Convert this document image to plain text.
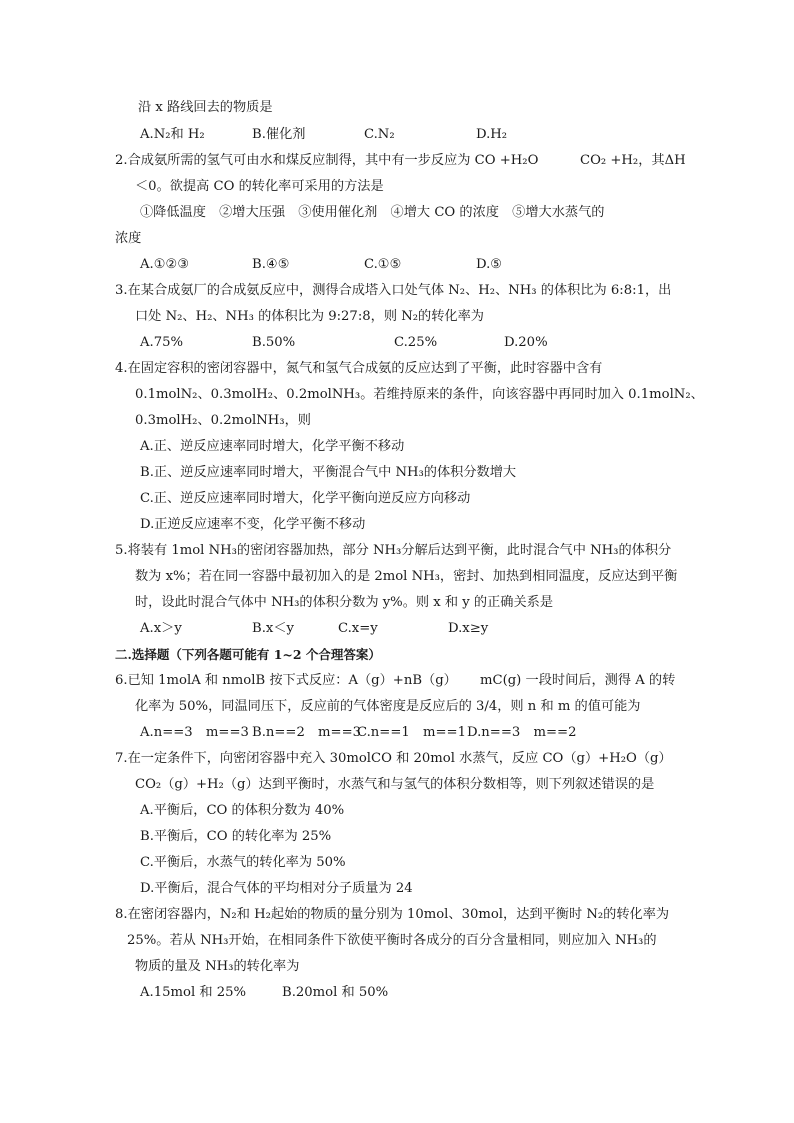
沿 x 路线回去的物质是
A.N₂和 H₂	B.催化剂	C.N₂	D.H₂
2.合成氨所需的氢气可由水和煤反应制得，其中有一步反应为 CO +H₂O	CO₂ +H₂，其ΔH
＜0。欲提高 CO 的转化率可采用的方法是
①降低温度　②增大压强　③使用催化剂　④增大 CO 的浓度　⑤增大水蒸气的
浓度
A.①②③	B.④⑤	C.①⑤	D.⑤
3.在某合成氨厂的合成氨反应中，测得合成塔入口处气体 N₂、H₂、NH₃ 的体积比为 6:8:1，出
口处 N₂、H₂、NH₃ 的体积比为 9:27:8，则 N₂的转化率为
A.75%	B.50%	C.25%	D.20%
4.在固定容积的密闭容器中，氮气和氢气合成氨的反应达到了平衡，此时容器中含有
0.1molN₂、0.3molH₂、0.2molNH₃。若维持原来的条件，向该容器中再同时加入 0.1molN₂、
0.3molH₂、0.2molNH₃，则
A.正、逆反应速率同时增大，化学平衡不移动
B.正、逆反应速率同时增大，平衡混合气中 NH₃的体积分数增大
C.正、逆反应速率同时增大，化学平衡向逆反应方向移动
D.正逆反应速率不变，化学平衡不移动
5.将装有 1mol NH₃的密闭容器加热，部分 NH₃分解后达到平衡，此时混合气中 NH₃的体积分
数为 x%；若在同一容器中最初加入的是 2mol NH₃，密封、加热到相同温度，反应达到平衡
时，设此时混合气体中 NH₃的体积分数为 y%。则 x 和 y 的正确关系是
A.x＞y	B.x＜y	C.x=y	D.x≥y
二.选择题（下列各题可能有 1~2 个合理答案）
6.已知 1molA 和 nmolB 按下式反应：A（g）+nB（g） mC(g) 一段时间后，测得 A 的转
化率为 50%，同温同压下，反应前的气体密度是反应后的 3/4，则 n 和 m 的值可能为
A.n==3　m==3 B.n==2　m==3
C.n==1　m==1 D.n==3　m==2
7.在一定条件下，向密闭容器中充入 30molCO 和 20mol 水蒸气，反应 CO（g）+H₂O（g）
CO₂（g）+H₂（g）达到平衡时，水蒸气和与氢气的体积分数相等，则下列叙述错误的是
A.平衡后，CO 的体积分数为 40%
B.平衡后，CO 的转化率为 25%
C.平衡后，水蒸气的转化率为 50%
D.平衡后，混合气体的平均相对分子质量为 24
8.在密闭容器内，N₂和 H₂起始的物质的量分别为 10mol、30mol，达到平衡时 N₂的转化率为
25%。若从 NH₃开始，在相同条件下欲使平衡时各成分的百分含量相同，则应加入 NH₃的
物质的量及 NH₃的转化率为
A.15mol 和 25%	B.20mol 和 50%
